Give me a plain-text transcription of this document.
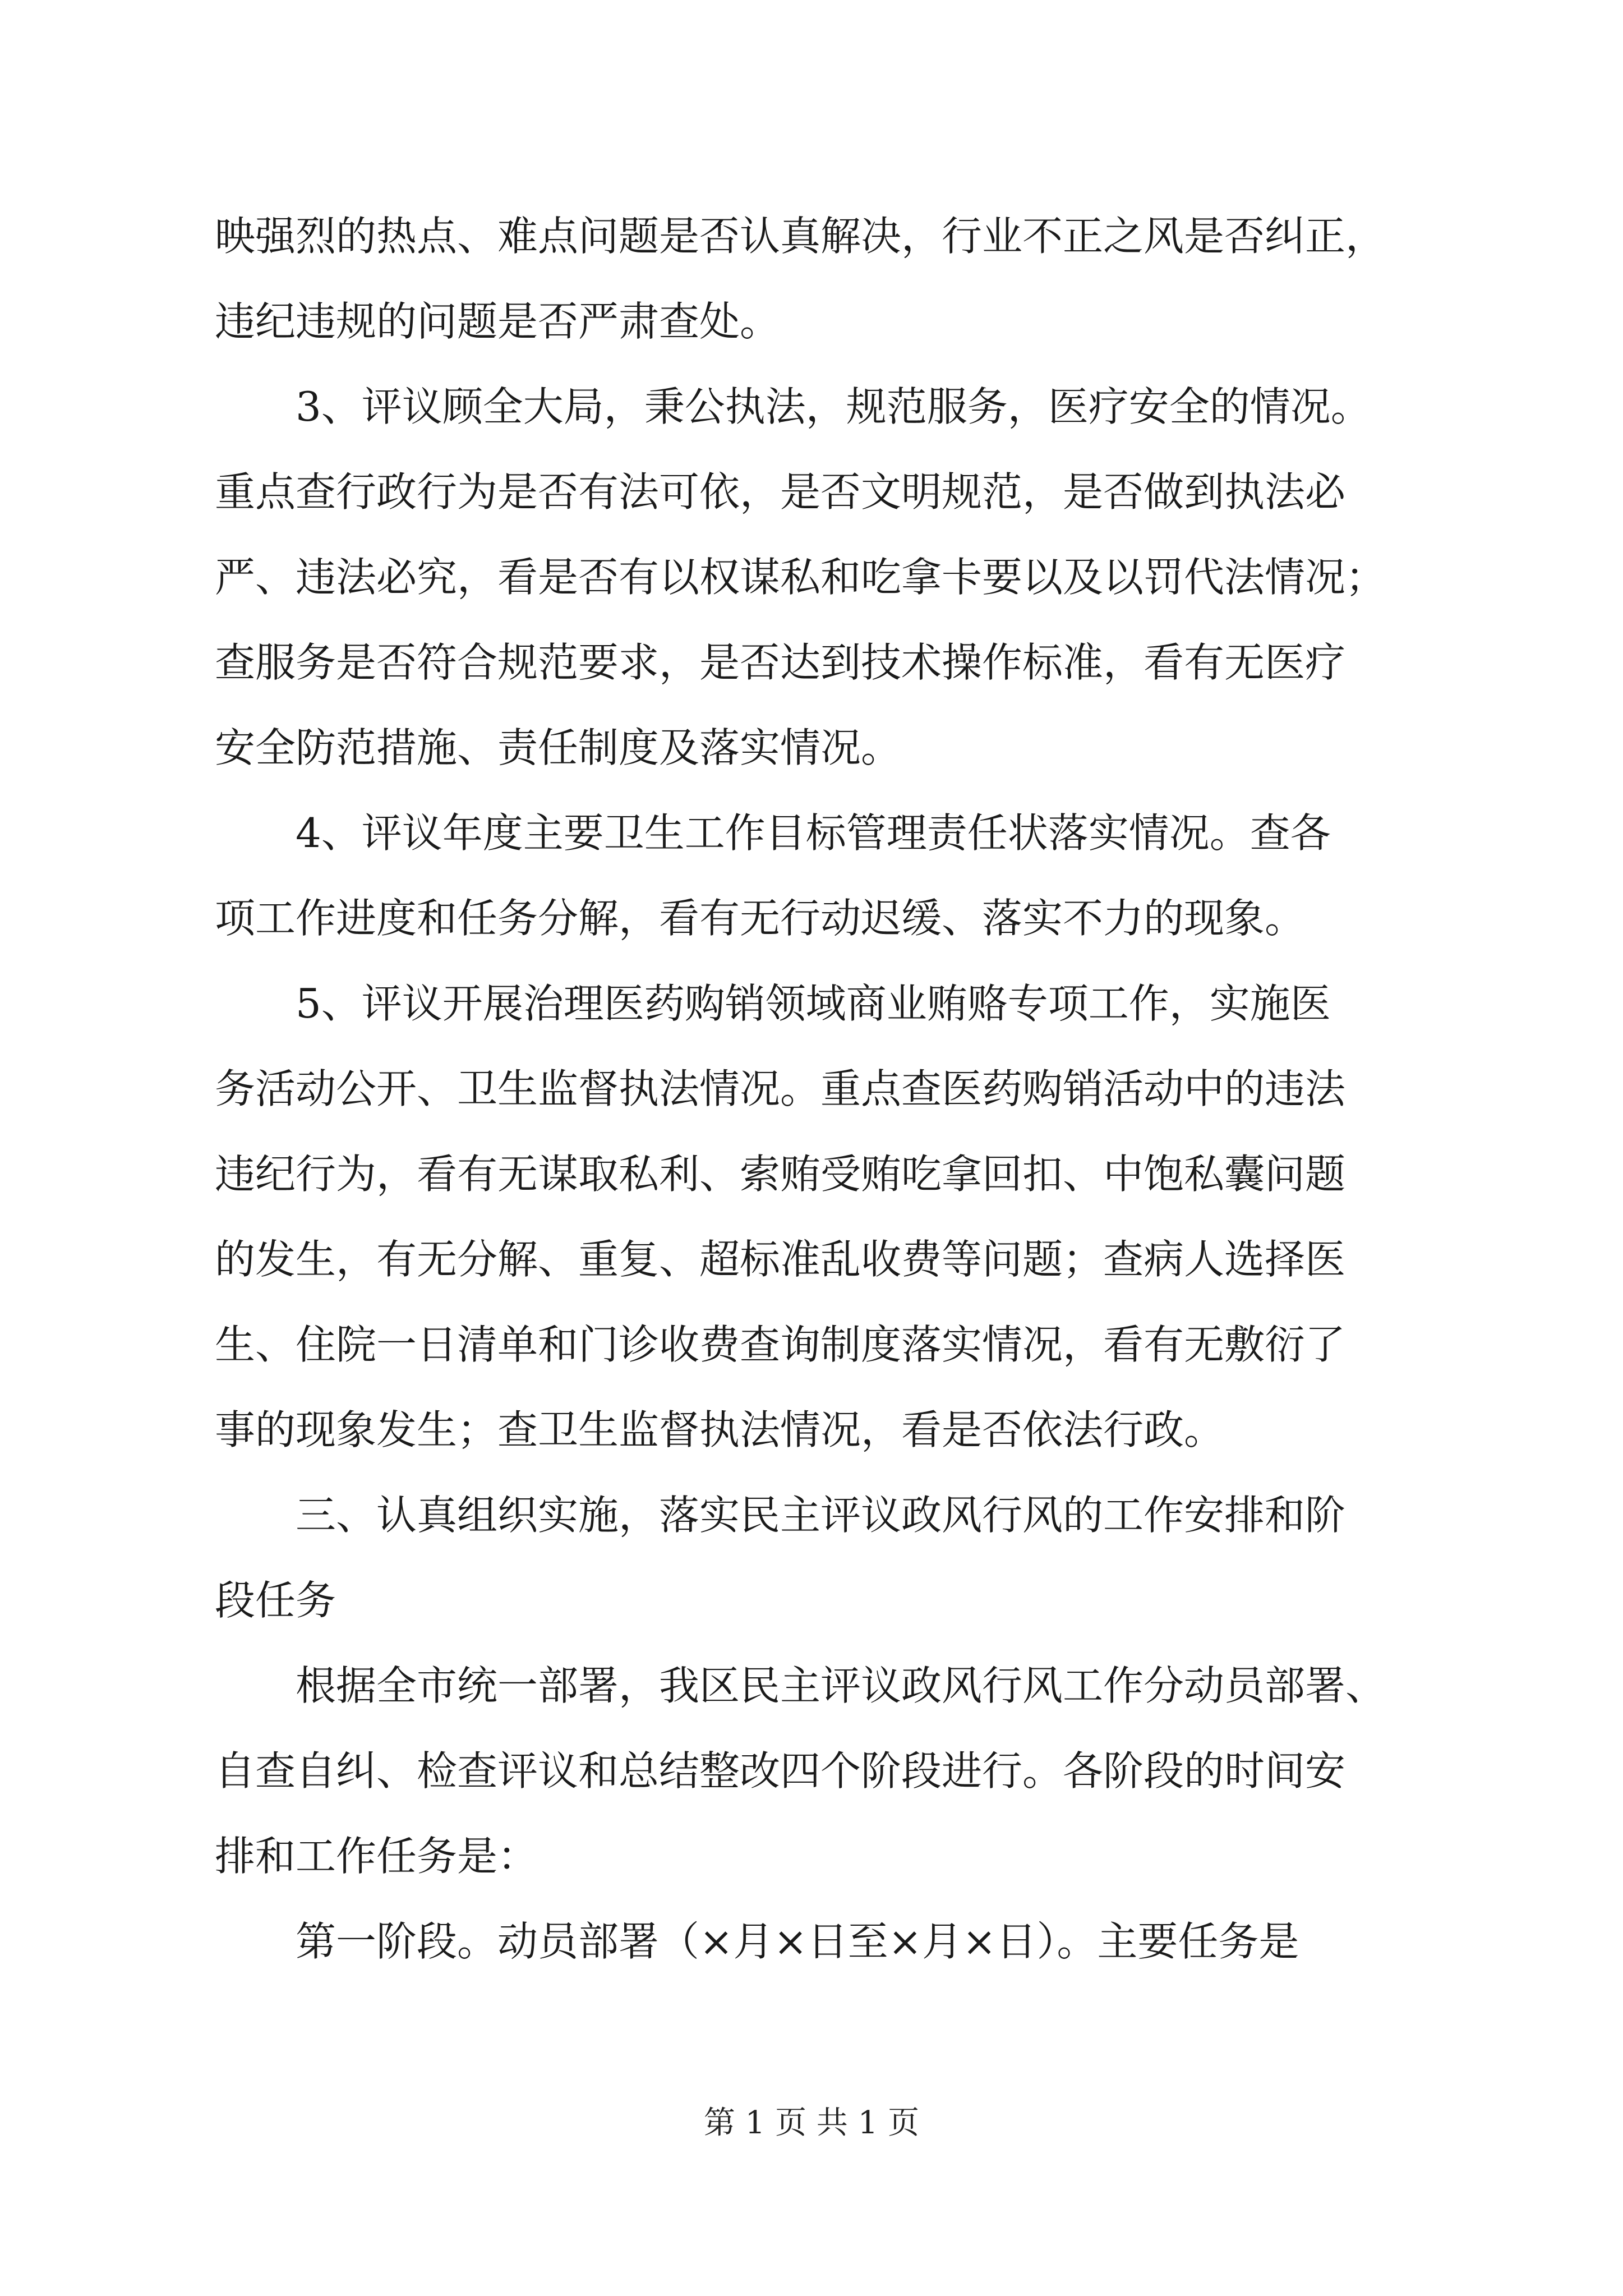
映强烈的热点、难点问题是否认真解决，行业不正之风是否纠正，
违纪违规的问题是否严肃查处。
3、评议顾全大局，秉公执法，规范服务，医疗安全的情况。
重点查行政行为是否有法可依，是否文明规范，是否做到执法必
严、违法必究，看是否有以权谋私和吃拿卡要以及以罚代法情况；
查服务是否符合规范要求，是否达到技术操作标准，看有无医疗
安全防范措施、责任制度及落实情况。
4、评议年度主要卫生工作目标管理责任状落实情况。查各
项工作进度和任务分解，看有无行动迟缓、落实不力的现象。
5、评议开展治理医药购销领域商业贿赂专项工作，实施医
务活动公开、卫生监督执法情况。重点查医药购销活动中的违法
违纪行为，看有无谋取私利、索贿受贿吃拿回扣、中饱私囊问题
的发生，有无分解、重复、超标准乱收费等问题；查病人选择医
生、住院一日清单和门诊收费查询制度落实情况，看有无敷衍了
事的现象发生；查卫生监督执法情况，看是否依法行政。
三、认真组织实施，落实民主评议政风行风的工作安排和阶
段任务
根据全市统一部署，我区民主评议政风行风工作分动员部署、
自查自纠、检查评议和总结整改四个阶段进行。各阶段的时间安
排和工作任务是：
第一阶段。动员部署（×月×日至×月×日）。主要任务是
第 1 页 共 1 页
